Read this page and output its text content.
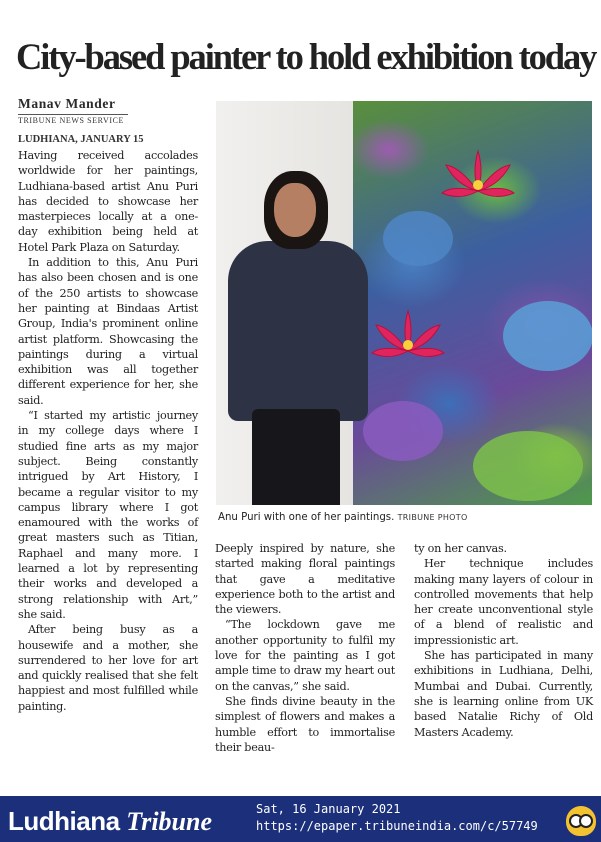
City-based painter to hold exhibition today
Manav Mander
TRIBUNE NEWS SERVICE
LUDHIANA, JANUARY 15

Having received accolades worldwide for her paintings, Ludhiana-based artist Anu Puri has decided to showcase her masterpieces locally at a one-day exhibition being held at Hotel Park Plaza on Saturday.

In addition to this, Anu Puri has also been chosen and is one of the 250 artists to showcase her painting at Bindaas Artist Group, India's prominent online artist platform. Showcasing the paintings during a virtual exhibition was all together different experience for her, she said.

“I started my artistic journey in my college days where I studied fine arts as my major subject. Being constantly intrigued by Art History, I became a regular visitor to my campus library where I got enamoured with the works of great masters such as Titian, Raphael and many more. I learned a lot by representing their works and developed a strong relationship with Art,” she said.

After being busy as a housewife and a mother, she surrendered to her love for art and quickly realised that she felt happiest and most fulfilled while painting.

Anu Puri with one of her paintings. TRIBUNE PHOTO

Deeply inspired by nature, she started making floral paintings that gave a meditative experience both to the artist and the viewers.

“The lockdown gave me another opportunity to fulfil my love for the painting as I got ample time to draw my heart out on the canvas,” she said.

She finds divine beauty in the simplest of flowers and makes a humble effort to immortalise their beau-

ty on her canvas.

Her technique includes making many layers of colour in controlled movements that help her create unconventional style of a blend of realistic and impressionistic art.

She has participated in many exhibitions in Ludhiana, Delhi, Mumbai and Dubai. Currently, she is learning online from UK based Natalie Richy of Old Masters Academy.

Ludhiana Tribune	Sat, 16 January 2021
https://epaper.tribuneindia.com/c/57749
